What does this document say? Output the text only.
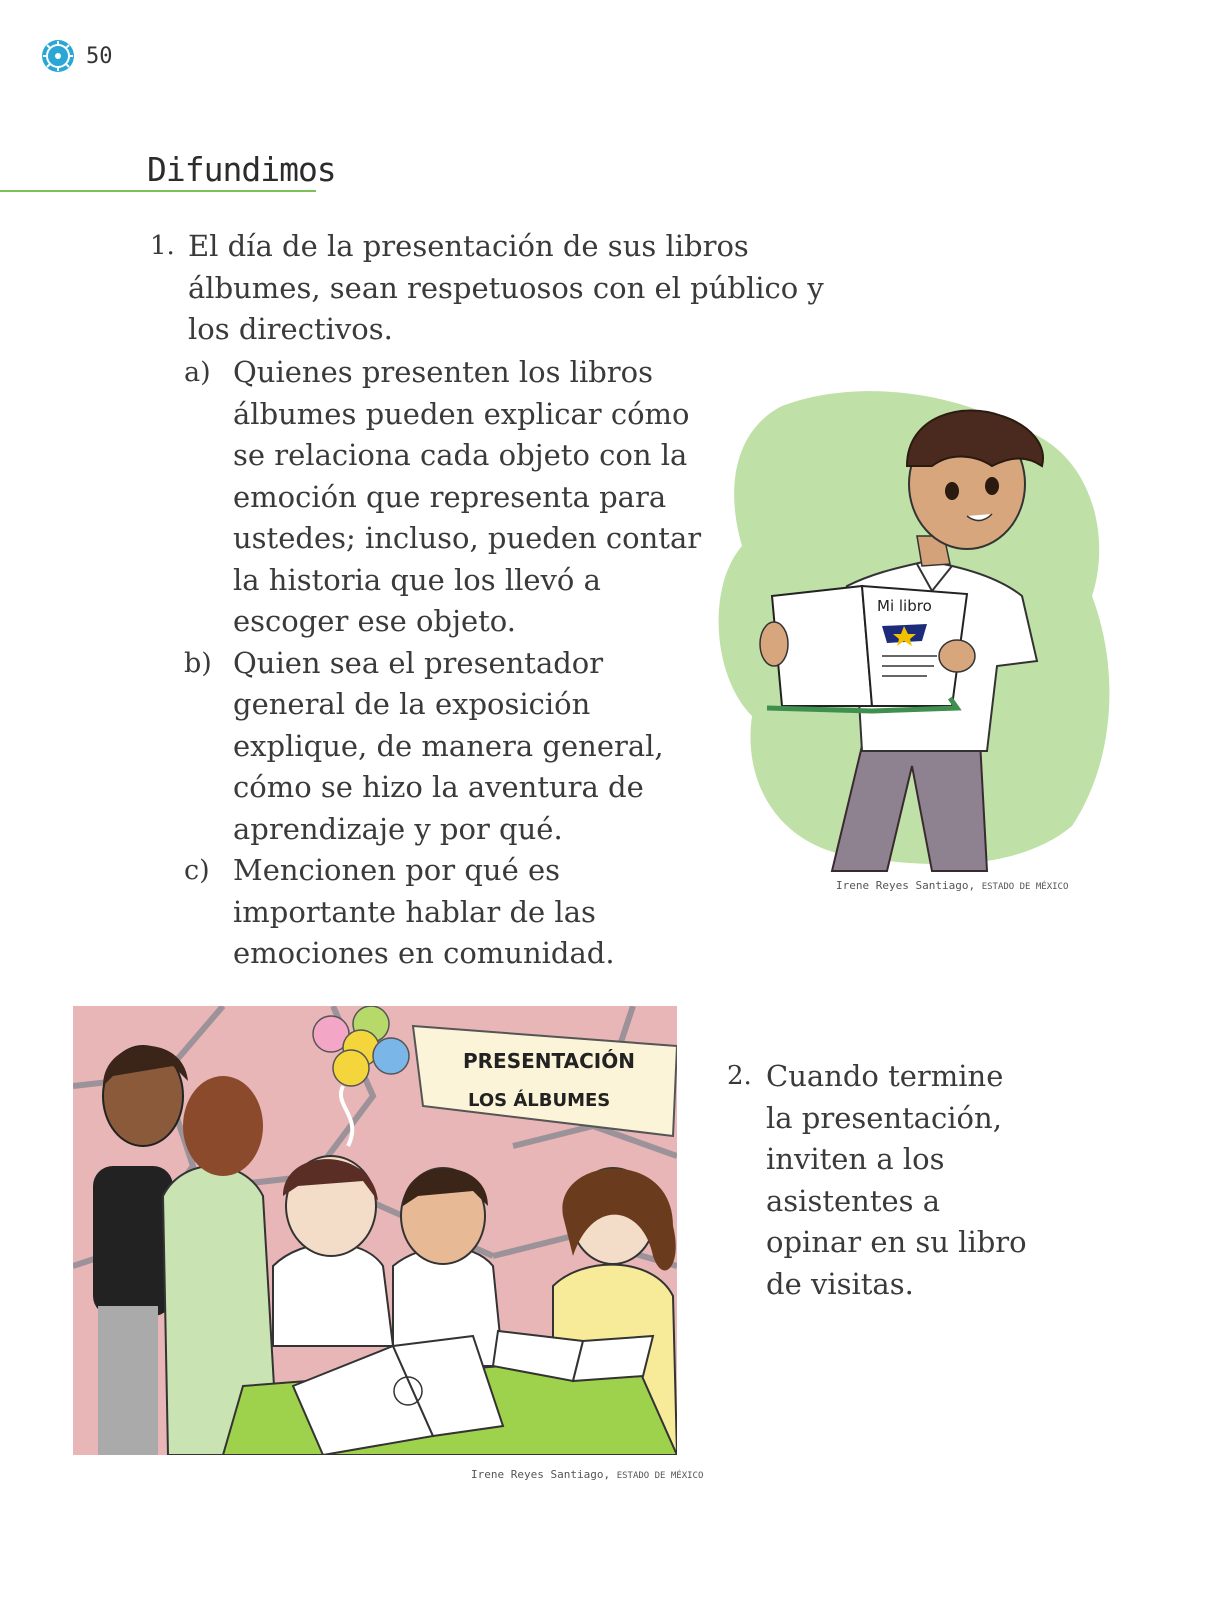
50
Difundimos
1. El día de la presentación de sus libros álbumes, sean respetuosos con el público y los directivos.
a) Quienes presenten los libros álbumes pueden explicar cómo se relaciona cada objeto con la emoción que representa para ustedes; incluso, pueden contar la historia que los llevó a escoger ese objeto.
b) Quien sea el presentador general de la exposición explique, de manera general, cómo se hizo la aventura de aprendizaje y por qué.
c) Mencionen por qué es importante hablar de las emociones en comunidad.
Mi libro
Irene Reyes Santiago, ESTADO DE MÉXICO
PRESENTACIÓN
LOS ÁLBUMES
Irene Reyes Santiago, ESTADO DE MÉXICO
2. Cuando termine la presentación, inviten a los asistentes a opinar en su libro de visitas.
